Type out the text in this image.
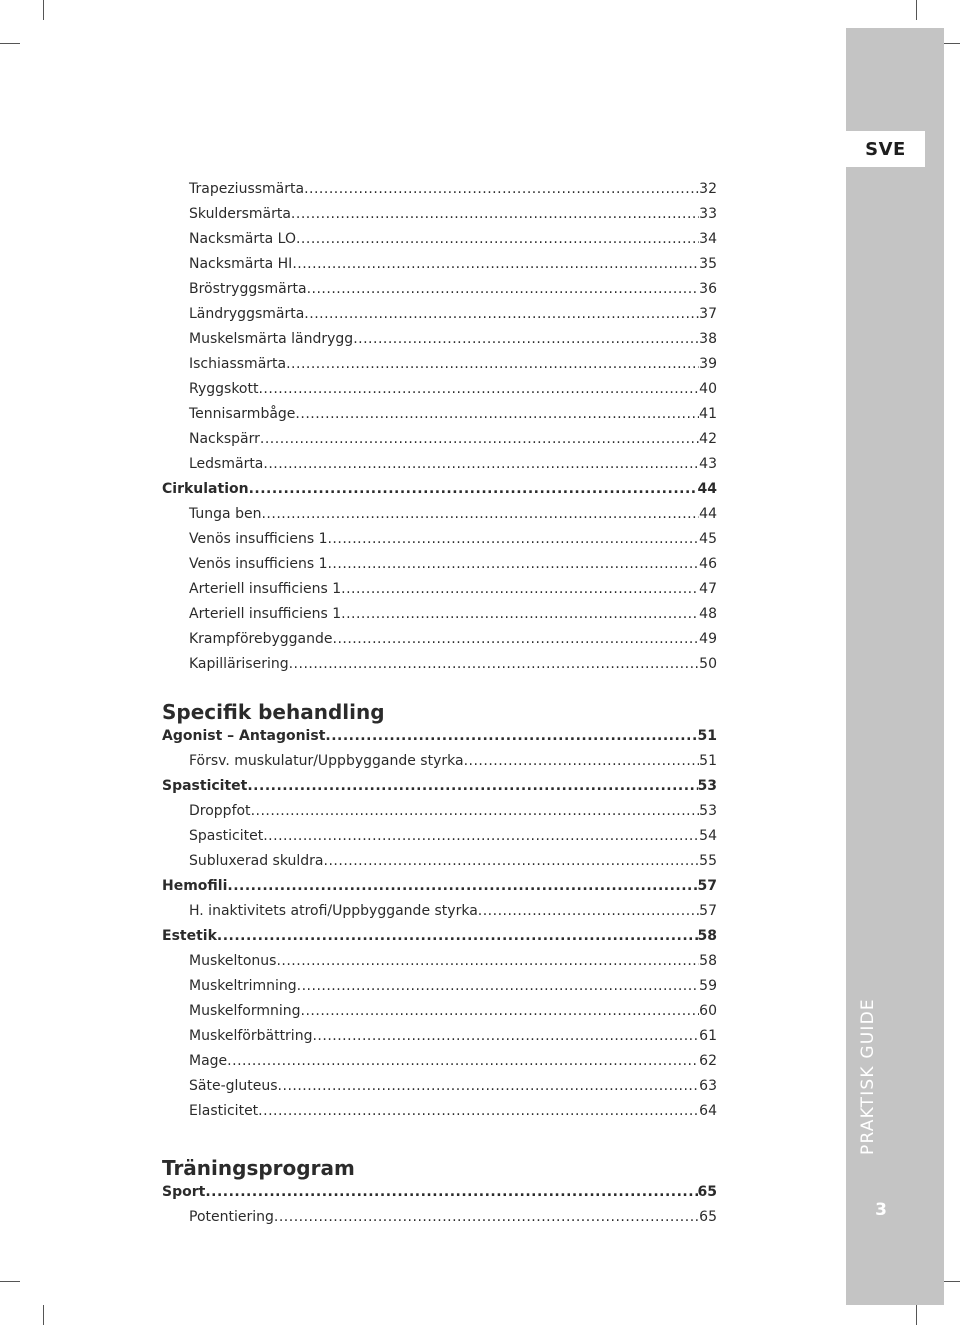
SVE
PRAKTISK GUIDE
3
Trapeziussmärta .....	32
Skuldersmärta .....	33
Nacksmärta LO .....	34
Nacksmärta HI .....	35
Bröstryggsmärta .....	36
Ländryggsmärta .....	37
Muskelsmärta ländrygg .....	38
Ischiassmärta .....	39
Ryggskott .....	40
Tennisarmbåge .....	41
Nackspärr .....	42
Ledsmärta .....	43
Cirkulation .....	44
Tunga ben .....	44
Venös insufficiens 1 .....	45
Venös insufficiens 1 .....	46
Arteriell insufficiens 1 .....	47
Arteriell insufficiens 1 .....	48
Krampförebyggande .....	49
Kapillärisering .....	50
Specifik behandling
Agonist – Antagonist .....	51
Försv. muskulatur/Uppbyggande styrka .....	51
Spasticitet .....	53
Droppfot .....	53
Spasticitet .....	54
Subluxerad skuldra .....	55
Hemofili .....	57
H. inaktivitets atrofi/Uppbyggande styrka .....	57
Estetik .....	58
Muskeltonus .....	58
Muskeltrimning .....	59
Muskelformning .....	60
Muskelförbättring .....	61
Mage .....	62
Säte-gluteus .....	63
Elasticitet .....	64
Träningsprogram
Sport .....	65
Potentiering .....	65
